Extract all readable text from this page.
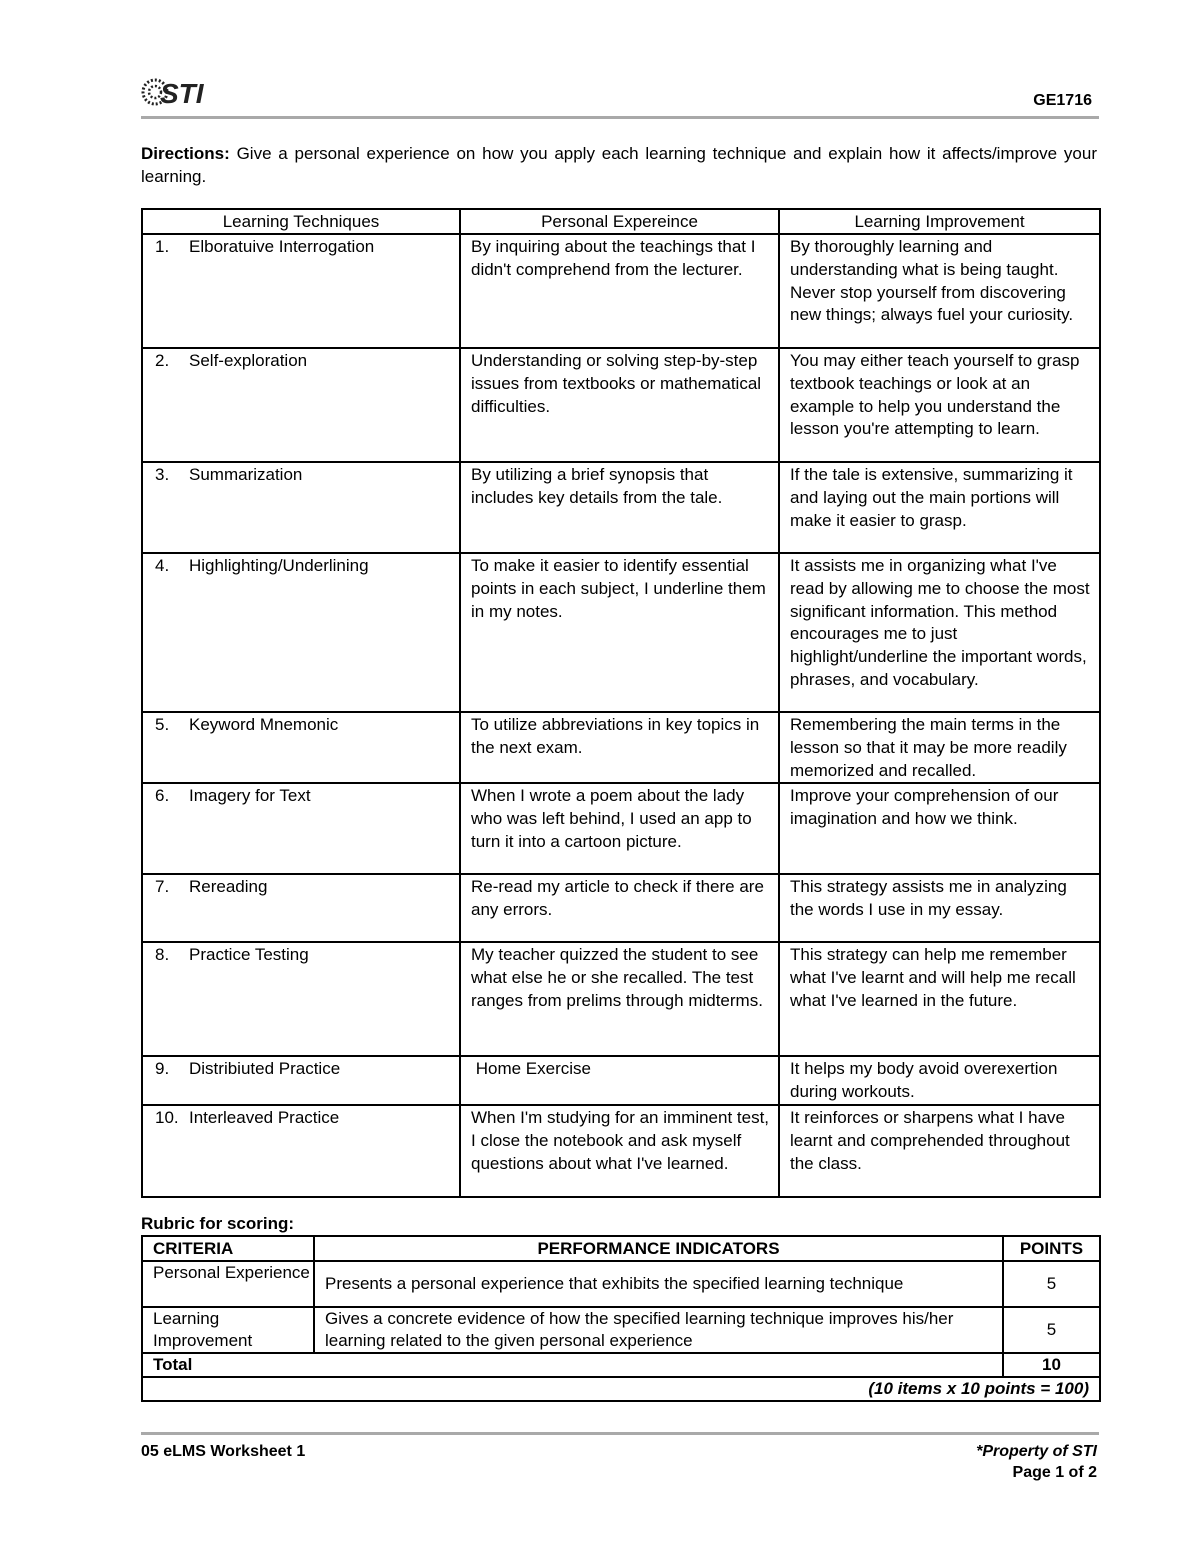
STI	GE1716
Directions: Give a personal experience on how you apply each learning technique and explain how it affects/improve your learning.
Learning Techniques	Personal Expereince	Learning Improvement
1. Elboratuive Interrogation	By inquiring about the teachings that I didn't comprehend from the lecturer.	By thoroughly learning and understanding what is being taught. Never stop yourself from discovering new things; always fuel your curiosity.
2. Self-exploration	Understanding or solving step-by-step issues from textbooks or mathematical difficulties.	You may either teach yourself to grasp textbook teachings or look at an example to help you understand the lesson you're attempting to learn.
3. Summarization	By utilizing a brief synopsis that includes key details from the tale.	If the tale is extensive, summarizing it and laying out the main portions will make it easier to grasp.
4. Highlighting/Underlining	To make it easier to identify essential points in each subject, I underline them in my notes.	It assists me in organizing what I've read by allowing me to choose the most significant information. This method encourages me to just highlight/underline the important words, phrases, and vocabulary.
5. Keyword Mnemonic	To utilize abbreviations in key topics in the next exam.	Remembering the main terms in the lesson so that it may be more readily memorized and recalled.
6. Imagery for Text	When I wrote a poem about the lady who was left behind, I used an app to turn it into a cartoon picture.	Improve your comprehension of our imagination and how we think.
7. Rereading	Re-read my article to check if there are any errors.	This strategy assists me in analyzing the words I use in my essay.
8. Practice Testing	My teacher quizzed the student to see what else he or she recalled. The test ranges from prelims through midterms.	This strategy can help me remember what I've learnt and will help me recall what I've learned in the future.
9. Distribiuted Practice	Home Exercise	It helps my body avoid overexertion during workouts.
10. Interleaved Practice	When I'm studying for an imminent test, I close the notebook and ask myself questions about what I've learned.	It reinforces or sharpens what I have learnt and comprehended throughout the class.
Rubric for scoring:
CRITERIA	PERFORMANCE INDICATORS	POINTS
Personal Experience	Presents a personal experience that exhibits the specified learning technique	5
Learning Improvement	Gives a concrete evidence of how the specified learning technique improves his/her learning related to the given personal experience	5
Total		10
(10 items x 10 points = 100)		
05 eLMS Worksheet 1	*Property of STI
Page 1 of 2
